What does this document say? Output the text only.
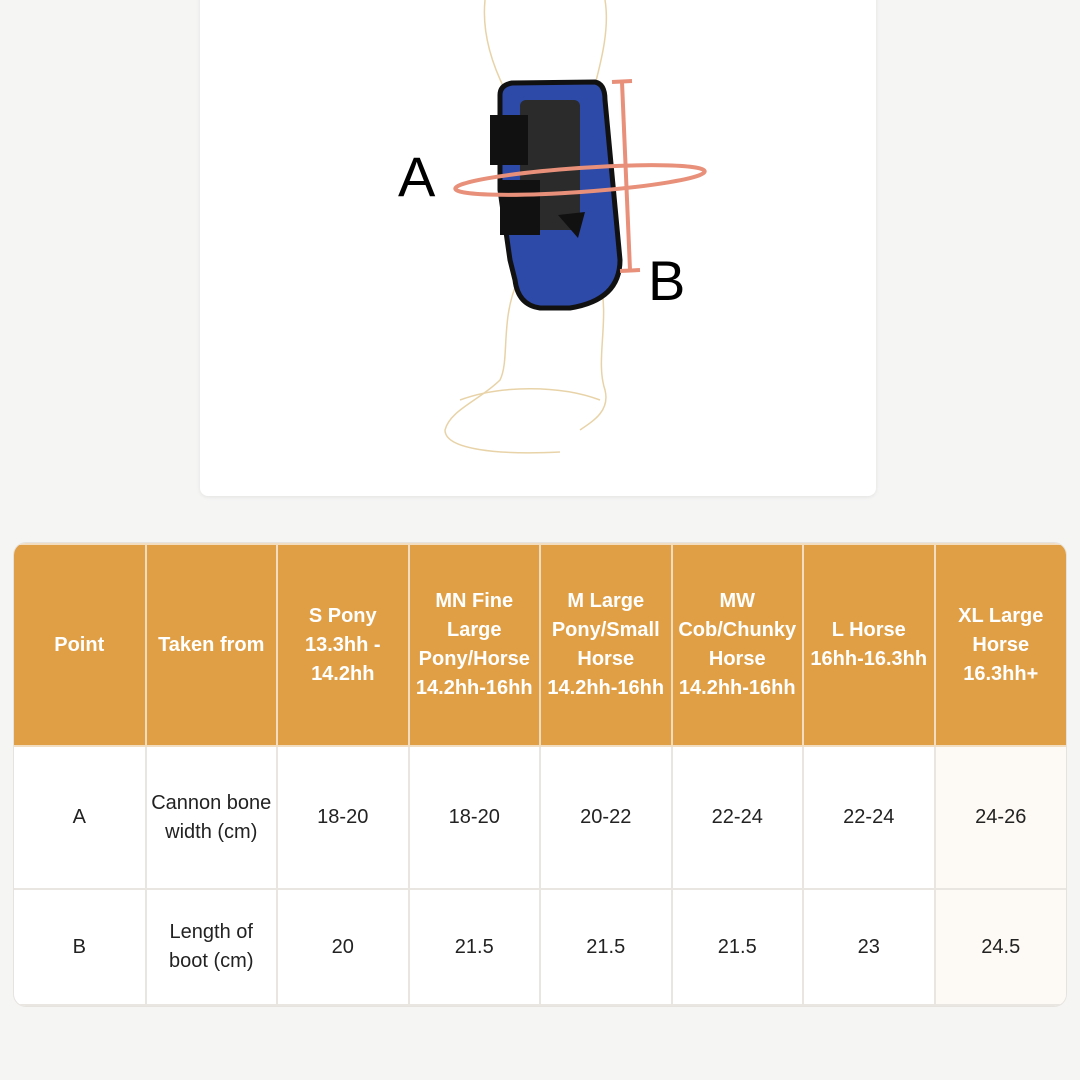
A
B
Point	Taken from	S Pony 13.3hh - 14.2hh	MN Fine Large Pony/Horse 14.2hh-16hh	M Large Pony/Small Horse 14.2hh-16hh	MW Cob/Chunky Horse 14.2hh-16hh	L Horse 16hh-16.3hh	XL Large Horse 16.3hh+
A	Cannon bone width (cm)	18-20	18-20	20-22	22-24	22-24	24-26
B	Length of boot (cm)	20	21.5	21.5	21.5	23	24.5
